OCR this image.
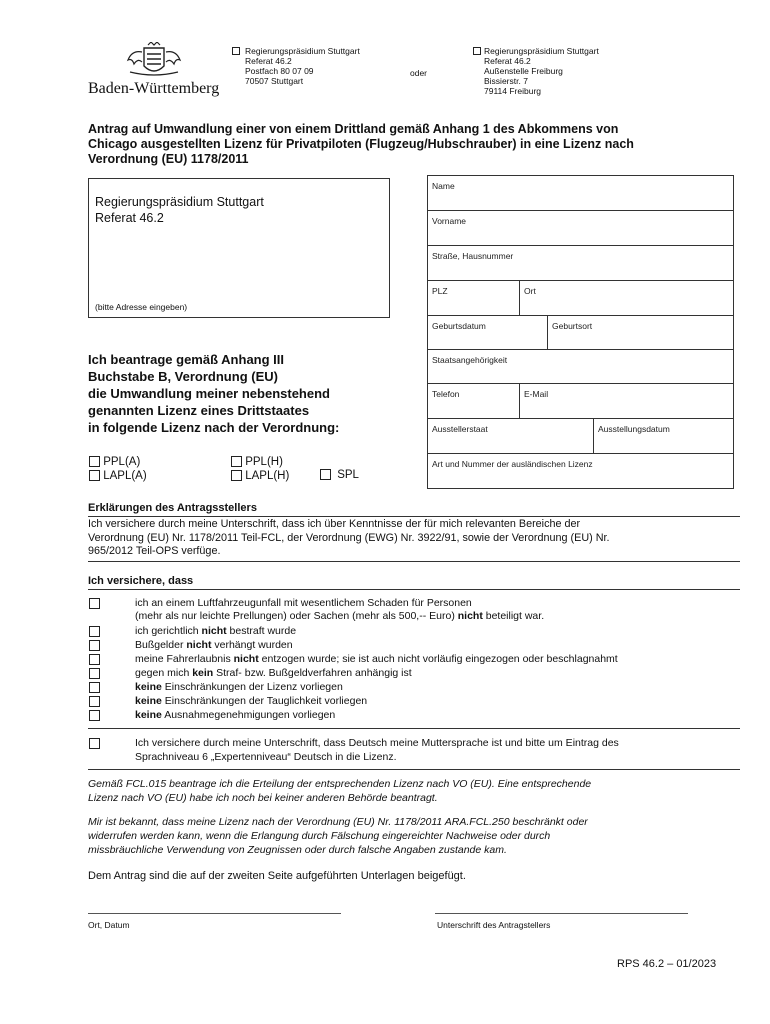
Baden-Württemberg
Regierungspräsidium Stuttgart
Referat 46.2
Postfach 80 07 09
70507 Stuttgart
oder
Regierungspräsidium Stuttgart
Referat 46.2
Außenstelle Freiburg
Bissierstr. 7
79114 Freiburg
Antrag auf Umwandlung einer von einem Drittland gemäß Anhang 1 des Abkommens von
Chicago ausgestellten Lizenz für Privatpiloten (Flugzeug/Hubschrauber) in eine Lizenz nach
Verordnung (EU) 1178/2011
Regierungspräsidium Stuttgart
Referat 46.2
(bitte Adresse eingeben)
Name
Vorname
Straße, Hausnummer
PLZ	Ort
Geburtsdatum	Geburtsort
Staatsangehörigkeit
Telefon	E-Mail
Ausstellerstaat	Ausstellungsdatum
Art und Nummer der ausländischen Lizenz
Ich beantrage gemäß Anhang III
Buchstabe B, Verordnung (EU)
die Umwandlung meiner nebenstehend
genannten Lizenz eines Drittstaates
in folgende Lizenz nach der Verordnung:
PPL(A)
LAPL(A)
PPL(H)
LAPL(H)	SPL
Erklärungen des Antragsstellers
Ich versichere durch meine Unterschrift, dass ich über Kenntnisse der für mich relevanten Bereiche der
Verordnung (EU) Nr. 1178/2011 Teil-FCL, der Verordnung (EWG) Nr. 3922/91, sowie der Verordnung (EU) Nr.
965/2012 Teil-OPS verfüge.
Ich versichere, dass
ich an einem Luftfahrzeugunfall mit wesentlichem Schaden für Personen
(mehr als nur leichte Prellungen) oder Sachen (mehr als 500,-- Euro) nicht beteiligt war.
ich gerichtlich nicht bestraft wurde
Bußgelder nicht verhängt wurden
meine Fahrerlaubnis nicht entzogen wurde; sie ist auch nicht vorläufig eingezogen oder beschlagnahmt
gegen mich kein Straf- bzw. Bußgeldverfahren anhängig ist
keine Einschränkungen der Lizenz vorliegen
keine Einschränkungen der Tauglichkeit vorliegen
keine Ausnahmegenehmigungen vorliegen
Ich versichere durch meine Unterschrift, dass Deutsch meine Muttersprache ist und bitte um Eintrag des
Sprachniveau 6 „Expertenniveau“ Deutsch in die Lizenz.
Gemäß FCL.015 beantrage ich die Erteilung der entsprechenden Lizenz nach VO (EU). Eine entsprechende
Lizenz nach VO (EU) habe ich noch bei keiner anderen Behörde beantragt.
Mir ist bekannt, dass meine Lizenz nach der Verordnung (EU) Nr. 1178/2011 ARA.FCL.250 beschränkt oder
widerrufen werden kann, wenn die Erlangung durch Fälschung eingereichter Nachweise oder durch
missbräuchliche Verwendung von Zeugnissen oder durch falsche Angaben zustande kam.
Dem Antrag sind die auf der zweiten Seite aufgeführten Unterlagen beigefügt.
Ort, Datum	Unterschrift des Antragstellers
RPS 46.2 – 01/2023
